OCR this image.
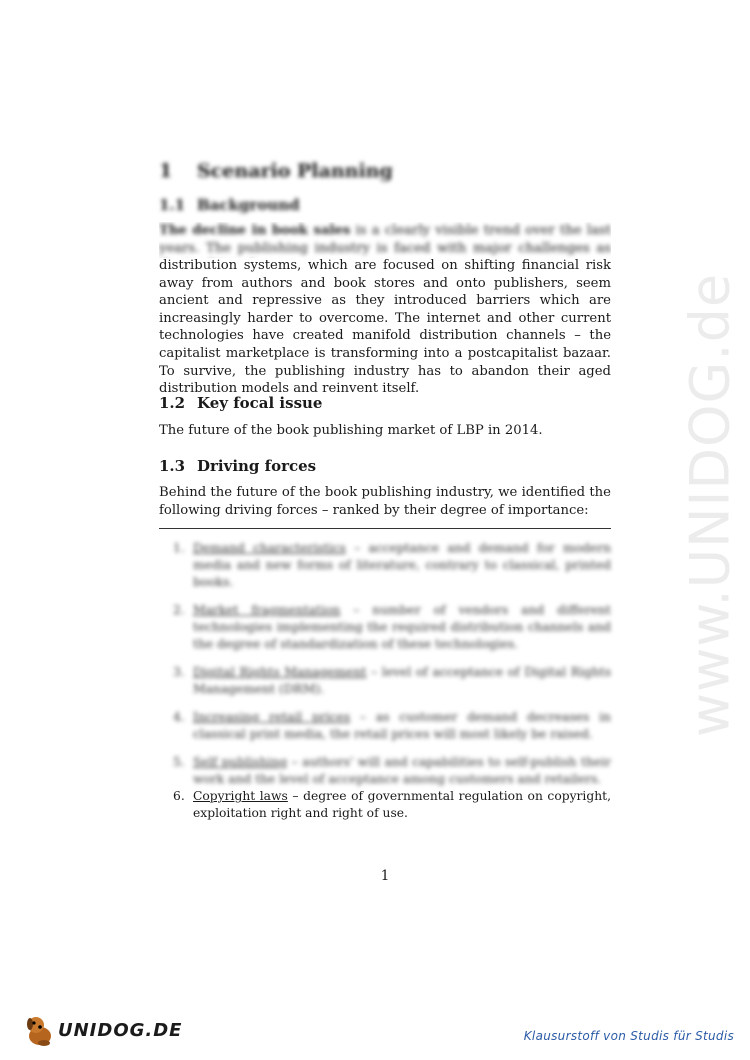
www.UNIDOG.de
1 Scenario Planning
1.1 Background

The decline in book sales is a clearly visible trend over the last years. The publishing industry is faced with major challenges as

distribution systems, which are focused on shifting financial risk away from authors and book stores and onto publishers, seem ancient and repressive as they introduced barriers which are increasingly harder to overcome. The internet and other current technologies have created manifold distribution channels – the capitalist marketplace is transforming into a postcapitalist bazaar. To survive, the publishing industry has to abandon their aged distribution models and reinvent itself.

1.2 Key focal issue

The future of the book publishing market of LBP in 2014.

1.3 Driving forces

Behind the future of the book publishing industry, we identified the following driving forces – ranked by their degree of importance:

1. Demand characteristics – acceptance and demand for modern media and new forms of literature, contrary to classical, printed books.
2. Market fragmentation – number of vendors and different technologies implementing the required distribution channels and the degree of standardization of these technologies.
3. Digital Rights Management – level of acceptance of Digital Rights Management (DRM).
4. Increasing retail prices – as customer demand decreases in classical print media, the retail prices will most likely be raised.
5. Self publishing – authors' will and capabilities to self-publish their work and the level of acceptance among customers and retailers.
6. Copyright laws – degree of governmental regulation on copyright, exploitation right and right of use.
1
UNIDOG.DE	Klausurstoff von Studis für Studis
